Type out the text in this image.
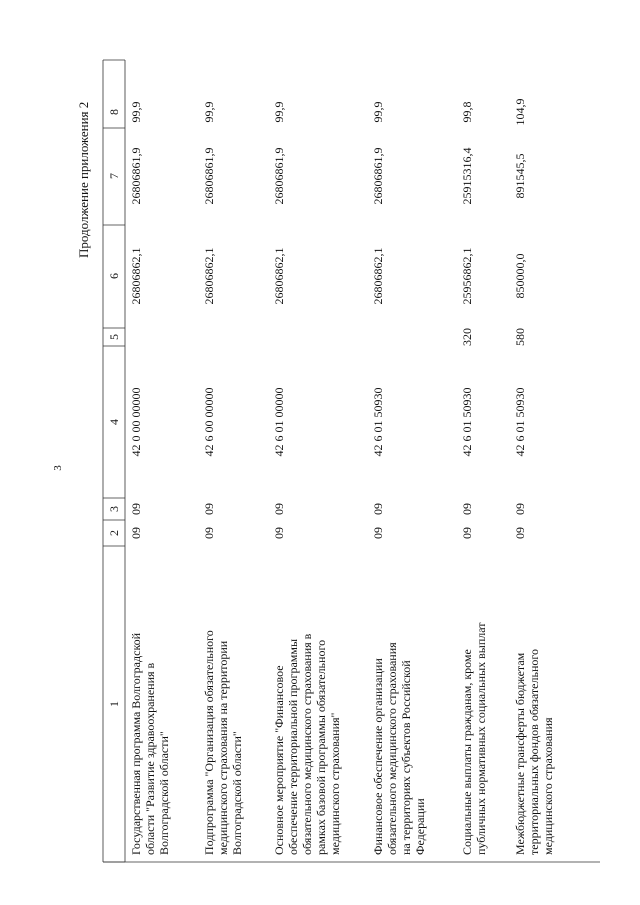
3
Продолжение приложения 2
1
2
3
4
5
6
7
8
Государственная программа Волгоградской области "Развитие здравоохранения в Волгоградской области"
09
09
42 0 00 00000
26806862,1
26806861,9
99,9
Подпрограмма "Организация обязательного медицинского страхования на территории Волгоградской области"
09
09
42 6 00 00000
26806862,1
26806861,9
99,9
Основное мероприятие "Финансовое обеспечение территориальной программы обязательного медицинского страхования в рамках базовой программы обязательного медицинского страхования"
09
09
42 6 01 00000
26806862,1
26806861,9
99,9
Финансовое обеспечение организации обязательного медицинского страхования на территориях субъектов Российской Федерации
09
09
42 6 01 50930
26806862,1
26806861,9
99,9
Социальные выплаты гражданам, кроме публичных нормативных социальных выплат
09
09
42 6 01 50930
320
25956862,1
25915316,4
99,8
Межбюджетные трансферты бюджетам территориальных фондов обязательного медицинского страхования
09
09
42 6 01 50930
580
850000,0
891545,5
104,9
